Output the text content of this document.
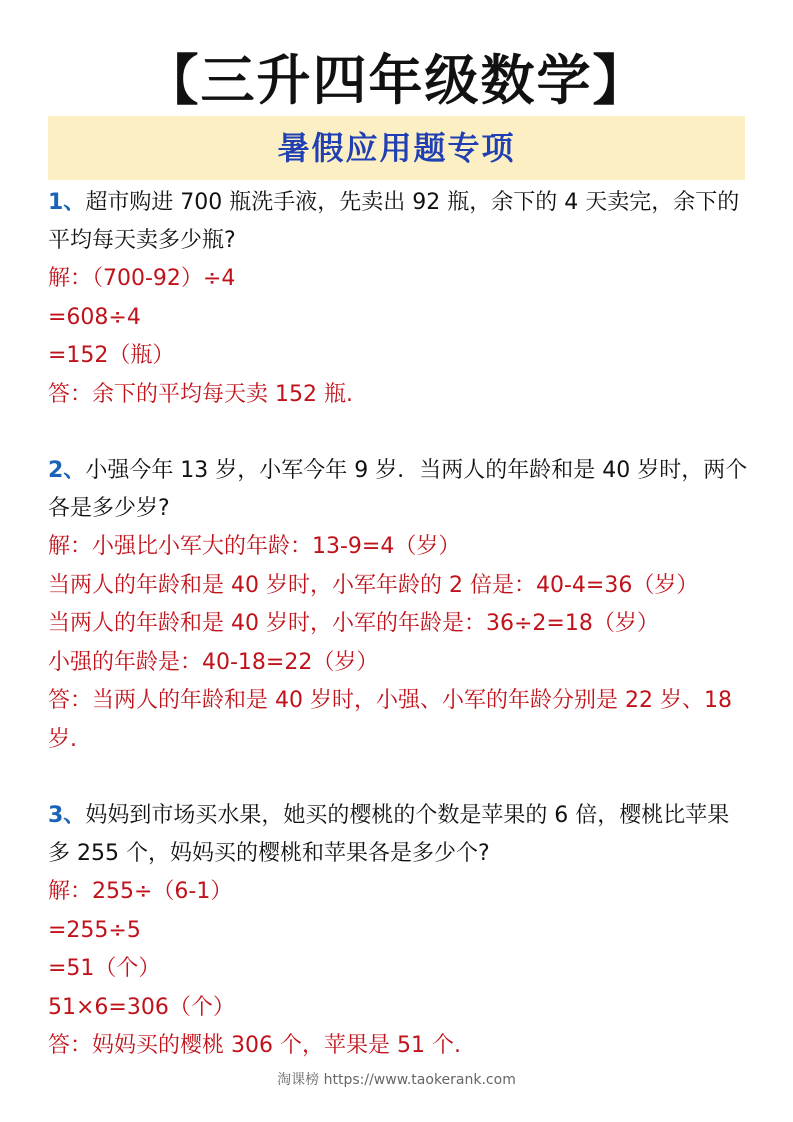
【三升四年级数学】
暑假应用题专项

1、超市购进 700 瓶洗手液，先卖出 92 瓶，余下的 4 天卖完，余下的平均每天卖多少瓶?

解：（700-92）÷4

=608÷4

=152（瓶）

答：余下的平均每天卖 152 瓶.

2、小强今年 13 岁，小军今年 9 岁．当两人的年龄和是 40 岁时，两个各是多少岁?

解：小强比小军大的年龄：13-9=4（岁）

当两人的年龄和是 40 岁时，小军年龄的 2 倍是：40-4=36（岁）

当两人的年龄和是 40 岁时，小军的年龄是：36÷2=18（岁）

小强的年龄是：40-18=22（岁）

答：当两人的年龄和是 40 岁时，小强、小军的年龄分别是 22 岁、18 岁.

3、妈妈到市场买水果，她买的樱桃的个数是苹果的 6 倍，樱桃比苹果多 255 个，妈妈买的樱桃和苹果各是多少个?

解：255÷（6-1）

=255÷5

=51（个）

51×6=306（个）

答：妈妈买的樱桃 306 个，苹果是 51 个.

淘课榜 https://www.taokerank.com
